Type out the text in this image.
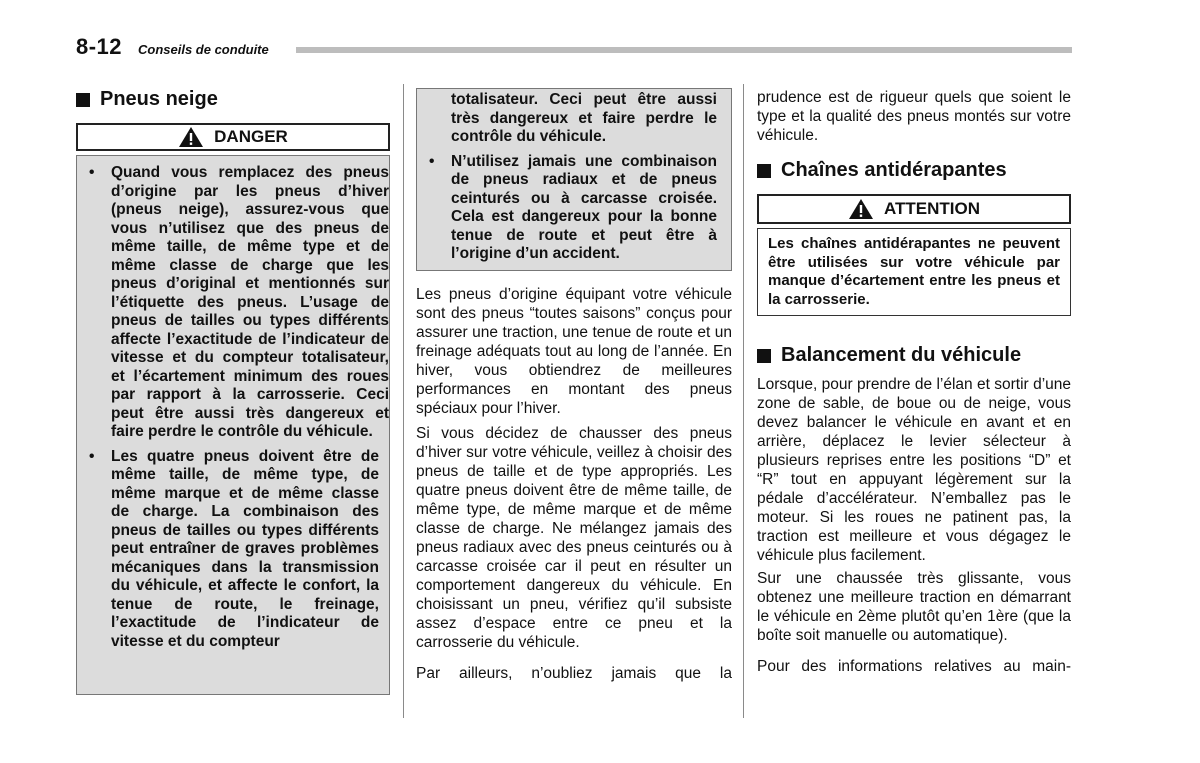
8-12 Conseils de conduite
Pneus neige
DANGER
• Quand vous remplacez des pneus d’origine par les pneus d’hiver (pneus neige), assurez-vous que vous n’utilisez que des pneus de même taille, de même type et de même classe de charge que les pneus d’original et mentionnés sur l’étiquette des pneus. L’usage de pneus de tailles ou types différents affecte l’exactitude de l’indicateur de vitesse et du compteur totalisateur, et l’écartement minimum des roues par rapport à la carrosserie. Ceci peut être aussi très dangereux et faire perdre le contrôle du véhicule.
• Les quatre pneus doivent être de même taille, de même type, de même marque et de même classe de charge. La combinaison des pneus de tailles ou types différents peut entraîner de graves problèmes mécaniques dans la transmission du véhicule, et affecte le confort, la tenue de route, le freinage, l’exactitude de l’indicateur de vitesse et du compteur
totalisateur. Ceci peut être aussi très dangereux et faire perdre le contrôle du véhicule.
• N’utilisez jamais une combinaison de pneus radiaux et de pneus ceinturés ou à carcasse croisée. Cela est dangereux pour la bonne tenue de route et peut être à l’origine d’un accident.

Les pneus d’origine équipant votre véhicule sont des pneus “toutes saisons” conçus pour assurer une traction, une tenue de route et un freinage adéquats tout au long de l’année. En hiver, vous obtiendrez de meilleures performances en montant des pneus spéciaux pour l’hiver.

Si vous décidez de chausser des pneus d’hiver sur votre véhicule, veillez à choisir des pneus de taille et de type appropriés. Les quatre pneus doivent être de même taille, de même type, de même marque et de même classe de charge. Ne mélangez jamais des pneus radiaux avec des pneus ceinturés ou à carcasse croisée car il peut en résulter un comportement dangereux du véhicule. En choisissant un pneu, vérifiez qu’il subsiste assez d’espace entre ce pneu et la carrosserie du véhicule.

Par ailleurs, n’oubliez jamais que la

prudence est de rigueur quels que soient le type et la qualité des pneus montés sur votre véhicule.

Chaînes antidérapantes
ATTENTION
Les chaînes antidérapantes ne peuvent être utilisées sur votre véhicule par manque d’écartement entre les pneus et la carrosserie.
Balancement du véhicule

Lorsque, pour prendre de l’élan et sortir d’une zone de sable, de boue ou de neige, vous devez balancer le véhicule en avant et en arrière, déplacez le levier sélecteur à plusieurs reprises entre les positions “D” et “R” tout en appuyant légèrement sur la pédale d’accélérateur. N’emballez pas le moteur. Si les roues ne patinent pas, la traction est meilleure et vous dégagez le véhicule plus facilement.

Sur une chaussée très glissante, vous obtenez une meilleure traction en démarrant le véhicule en 2ème plutôt qu’en 1ère (que la boîte soit manuelle ou automatique).

Pour des informations relatives au main-
